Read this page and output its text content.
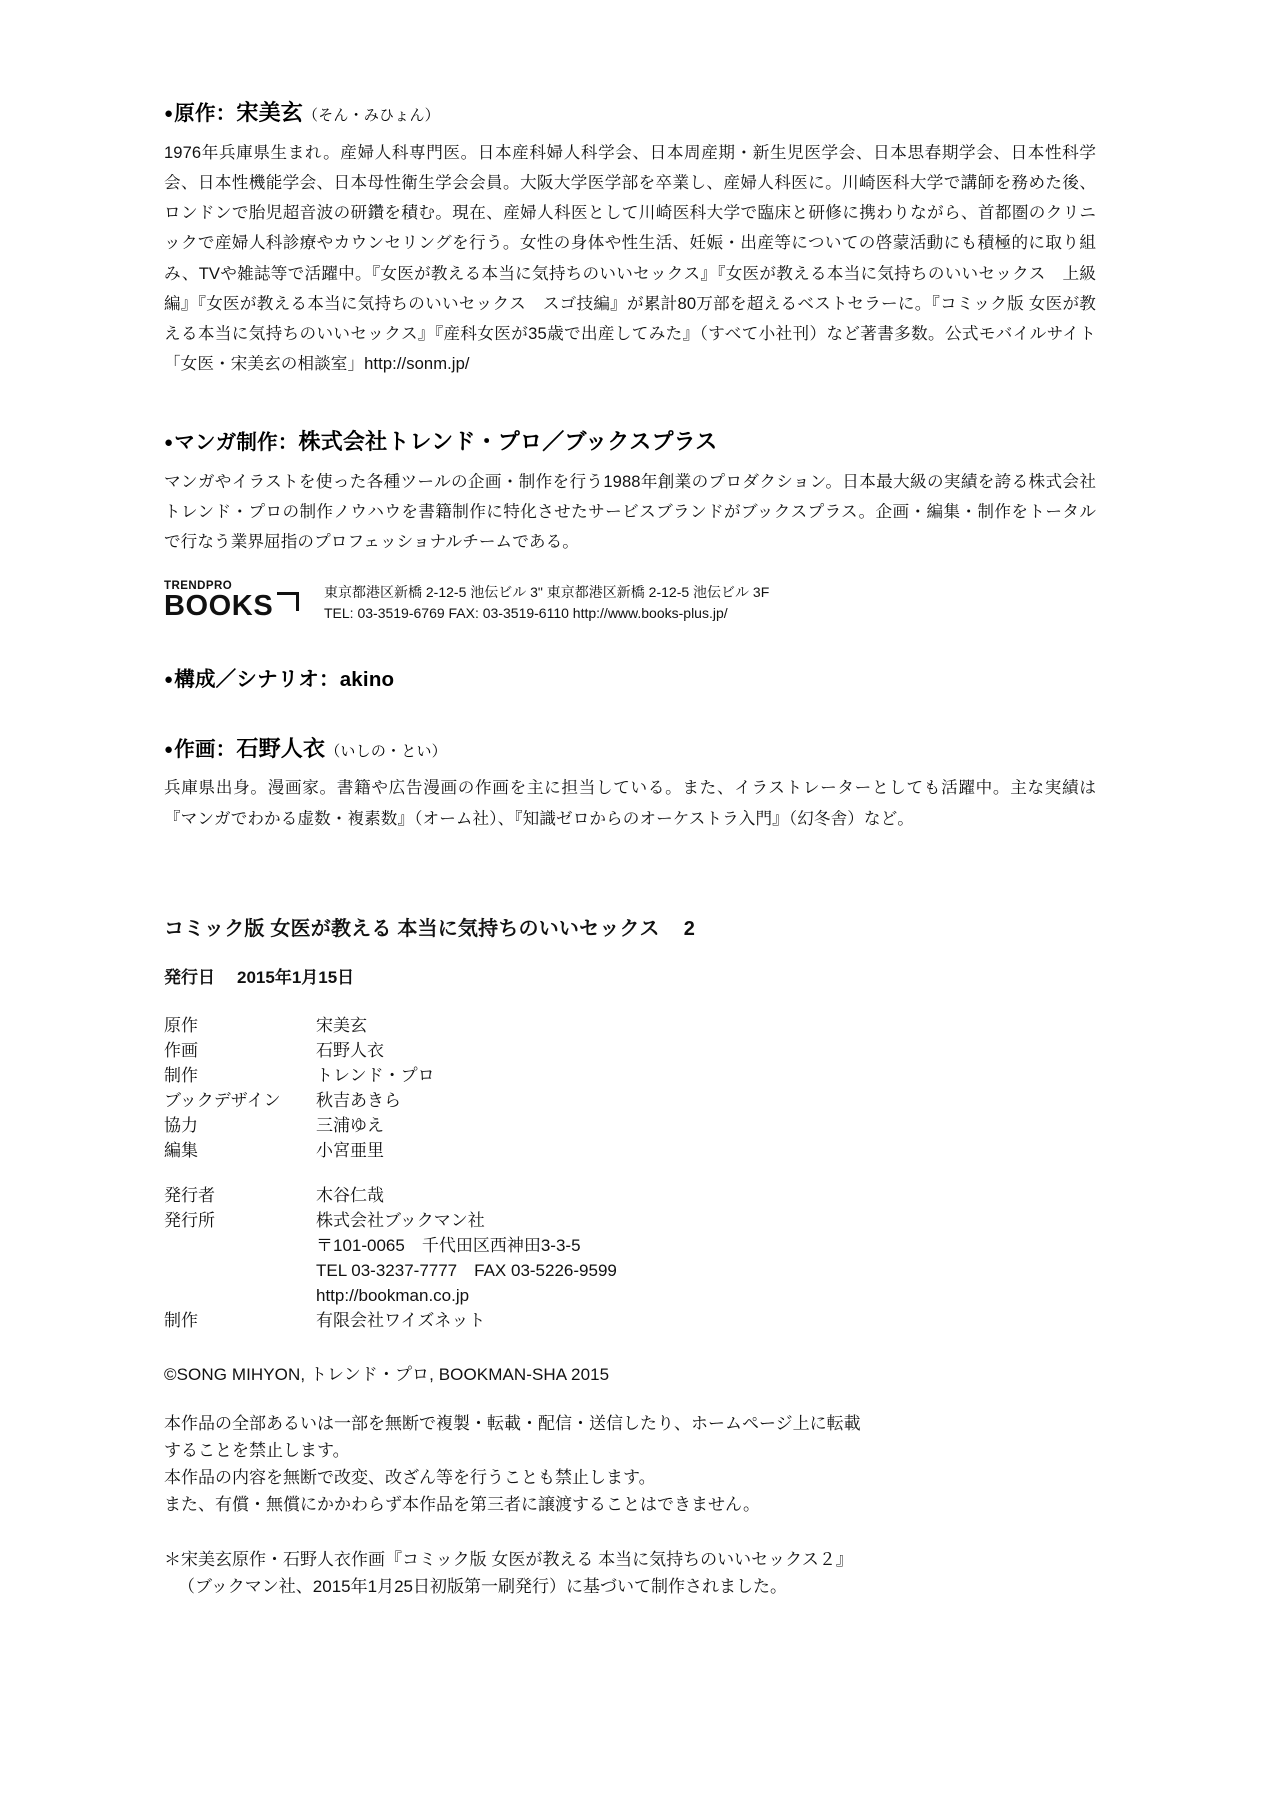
●原作：宋美玄（そん・みひょん）

1976年兵庫県生まれ。産婦人科専門医。日本産科婦人科学会、日本周産期・新生児医学会、日本思春期学会、日本性科学会、日本性機能学会、日本母性衛生学会会員。大阪大学医学部を卒業し、産婦人科医に。川崎医科大学で講師を務めた後、ロンドンで胎児超音波の研鑽を積む。現在、産婦人科医として川崎医科大学で臨床と研修に携わりながら、首都圏のクリニックで産婦人科診療やカウンセリングを行う。女性の身体や性生活、妊娠・出産等についての啓蒙活動にも積極的に取り組み、TVや雑誌等で活躍中。『女医が教える本当に気持ちのいいセックス』『女医が教える本当に気持ちのいいセックス　上級編』『女医が教える本当に気持ちのいいセックス　スゴ技編』が累計80万部を超えるベストセラーに。『コミック版 女医が教える本当に気持ちのいいセックス』『産科女医が35歳で出産してみた』（すべて小社刊）など著書多数。公式モバイルサイト「女医・宋美玄の相談室」http://sonm.jp/

●マンガ制作：株式会社トレンド・プロ／ブックスプラス

マンガやイラストを使った各種ツールの企画・制作を行う1988年創業のプロダクション。日本最大級の実績を誇る株式会社トレンド・プロの制作ノウハウを書籍制作に特化させたサービスブランドがブックスプラス。企画・編集・制作をトータルで行なう業界屈指のプロフェッショナルチームである。

TRENDPRO
BOOKS	東京都港区新橋 2-12-5 池伝ビル 3" 東京都港区新橋 2-12-5 池伝ビル 3F
TEL: 03-3519-6769 FAX: 03-3519-6110 http://www.books-plus.jp/
●構成／シナリオ：akino
●作画：石野人衣（いしの・とい）

兵庫県出身。漫画家。書籍や広告漫画の作画を主に担当している。また、イラストレーターとしても活躍中。主な実績は『マンガでわかる虚数・複素数』（オーム社）、『知識ゼロからのオーケストラ入門』（幻冬舎）など。

コミック版 女医が教える 本当に気持ちのいいセックス 2
発行日 2015年1月15日
原作	宋美玄
作画	石野人衣
制作	トレンド・プロ
ブックデザイン	秋吉あきら
協力	三浦ゆえ
編集	小宮亜里

発行者	木谷仁哉
発行所	株式会社ブックマン社
	〒101-0065　千代田区西神田3-3-5
	TEL 03-3237-7777　FAX 03-5226-9599
	http://bookman.co.jp
制作	有限会社ワイズネット

©SONG MIHYON, トレンド・プロ, BOOKMAN-SHA 2015

本作品の全部あるいは一部を無断で複製・転載・配信・送信したり、ホームページ上に転載
することを禁止します。
本作品の内容を無断で改変、改ざん等を行うことも禁止します。
また、有償・無償にかかわらず本作品を第三者に譲渡することはできません。
＊宋美玄原作・石野人衣作画『コミック版 女医が教える 本当に気持ちのいいセックス２』
（ブックマン社、2015年1月25日初版第一刷発行）に基づいて制作されました。
